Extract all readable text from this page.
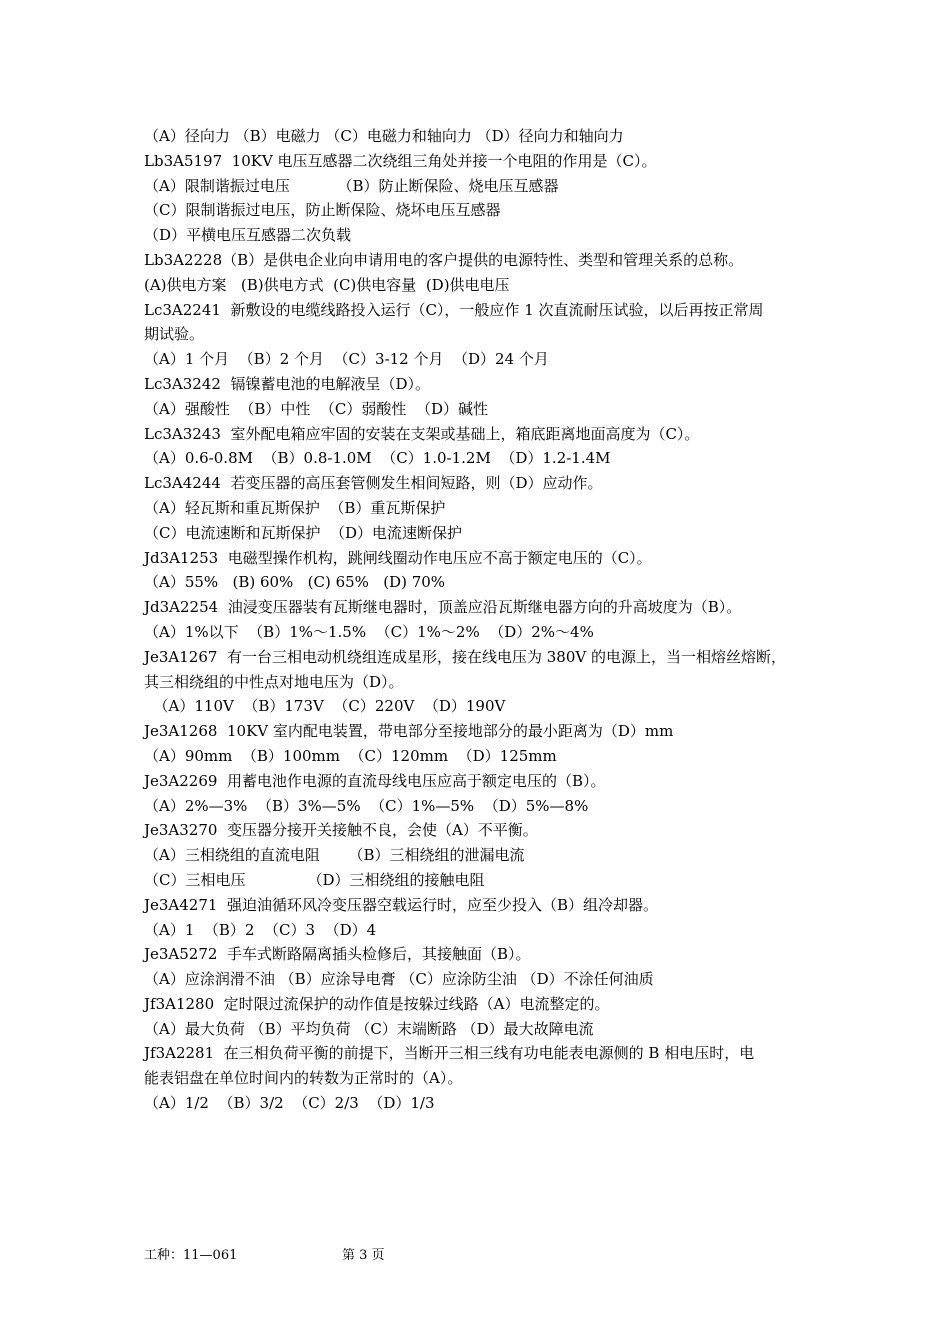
（A）径向力 （B）电磁力 （C）电磁力和轴向力 （D）径向力和轴向力
Lb3A5197  10KV 电压互感器二次绕组三角处并接一个电阻的作用是（C）。
（A）限制谐振过电压          （B）防止断保险、烧电压互感器
（C）限制谐振过电压，防止断保险、烧坏电压互感器
（D）平横电压互感器二次负载
Lb3A2228（B）是供电企业向申请用电的客户提供的电源特性、类型和管理关系的总称。
(A)供电方案   (B)供电方式  (C)供电容量  (D)供电电压
Lc3A2241  新敷设的电缆线路投入运行（C），一般应作 1 次直流耐压试验，以后再按正常周
期试验。
（A）1 个月  （B）2 个月  （C）3-12 个月  （D）24 个月
Lc3A3242  镉镍蓄电池的电解液呈（D）。
（A）强酸性  （B）中性  （C）弱酸性  （D）碱性
Lc3A3243  室外配电箱应牢固的安装在支架或基础上，箱底距离地面高度为（C）。
（A）0.6-0.8M  （B）0.8-1.0M  （C）1.0-1.2M  （D）1.2-1.4M
Lc3A4244  若变压器的高压套管侧发生相间短路，则（D）应动作。
（A）轻瓦斯和重瓦斯保护  （B）重瓦斯保护
（C）电流速断和瓦斯保护  （D）电流速断保护
Jd3A1253  电磁型操作机构，跳闸线圈动作电压应不高于额定电压的（C）。
（A）55%   (B) 60%   (C) 65%   (D) 70%
Jd3A2254  油浸变压器装有瓦斯继电器时，顶盖应沿瓦斯继电器方向的升高坡度为（B）。
（A）1%以下  （B）1%～1.5%  （C）1%～2%  （D）2%～4%
Je3A1267  有一台三相电动机绕组连成星形，接在线电压为 380V 的电源上，当一相熔丝熔断，
其三相绕组的中性点对地电压为（D）。
（A）110V  （B）173V  （C）220V  （D）190V
Je3A1268  10KV 室内配电装置，带电部分至接地部分的最小距离为（D）mm
（A）90mm  （B）100mm  （C）120mm  （D）125mm
Je3A2269  用蓄电池作电源的直流母线电压应高于额定电压的（B）。
（A）2%—3%  （B）3%—5%  （C）1%—5%  （D）5%—8%
Je3A3270  变压器分接开关接触不良，会使（A）不平衡。
（A）三相绕组的直流电阻      （B）三相绕组的泄漏电流
（C）三相电压             （D）三相绕组的接触电阻
Je3A4271  强迫油循环风冷变压器空载运行时，应至少投入（B）组冷却器。
（A）1  （B）2  （C）3  （D）4
Je3A5272  手车式断路隔离插头检修后，其接触面（B）。
（A）应涂润滑不油 （B）应涂导电膏 （C）应涂防尘油 （D）不涂任何油质
Jf3A1280  定时限过流保护的动作值是按躲过线路（A）电流整定的。
（A）最大负荷 （B）平均负荷 （C）末端断路 （D）最大故障电流
Jf3A2281  在三相负荷平衡的前提下，当断开三相三线有功电能表电源侧的 B 相电压时，电
能表铝盘在单位时间内的转数为正常时的（A）。
（A）1/2  （B）3/2  （C）2/3  （D）1/3
工种：11—061	第 3 页
